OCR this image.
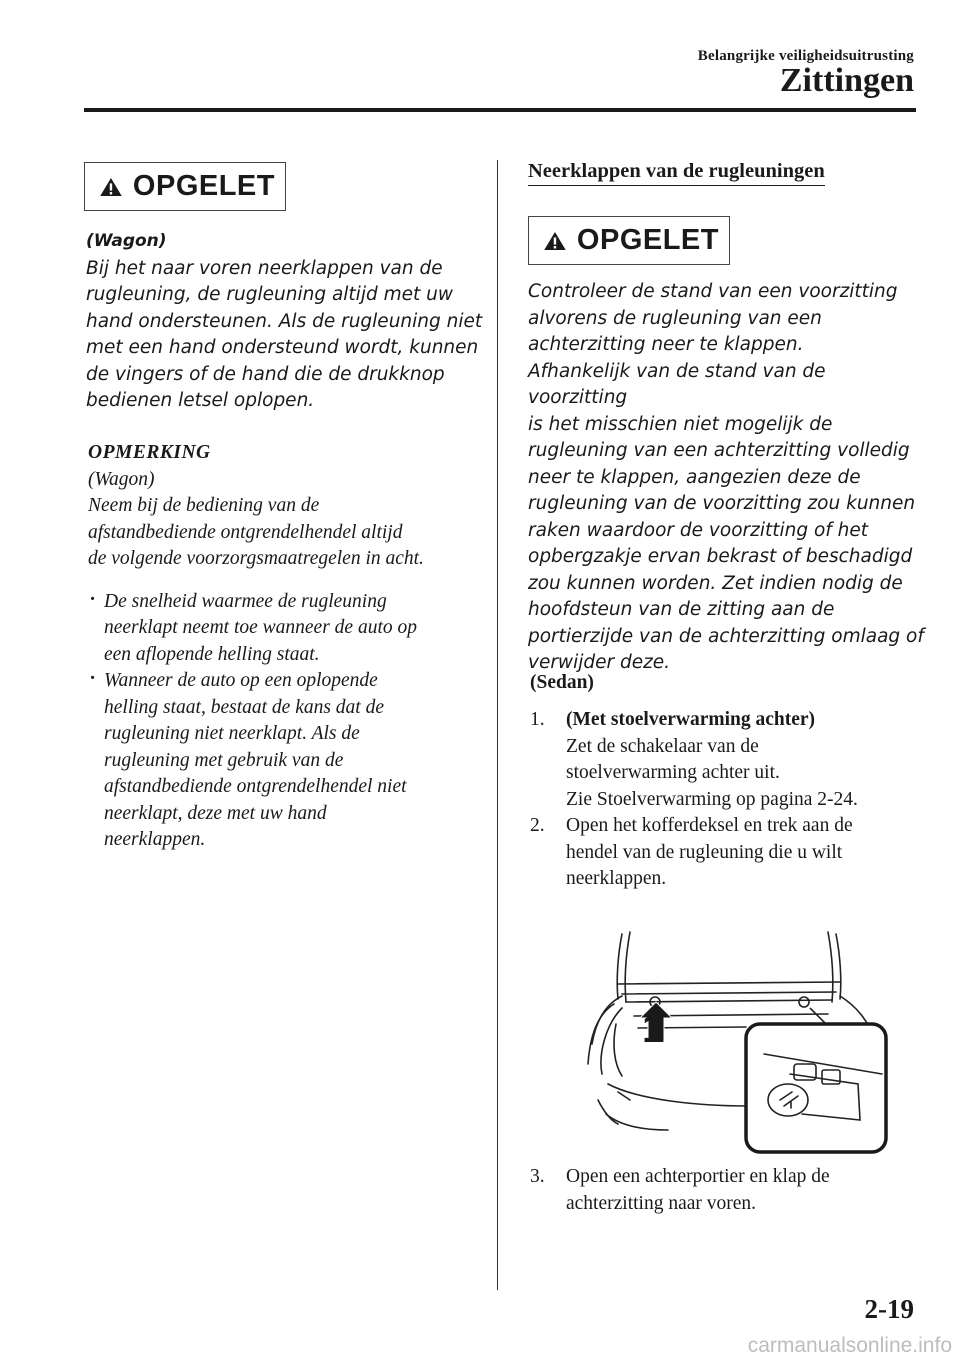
Belangrijke veiligheidsuitrusting
Zittingen
OPGELET
(Wagon)
Bij het naar voren neerklappen van de
rugleuning, de rugleuning altijd met uw
hand ondersteunen. Als de rugleuning niet
met een hand ondersteund wordt, kunnen
de vingers of de hand die de drukknop
bedienen letsel oplopen.
OPMERKING
(Wagon)
Neem bij de bediening van de
afstandbediende ontgrendelhendel altijd
de volgende voorzorgsmaatregelen in acht.
· De snelheid waarmee de rugleuning
neerklapt neemt toe wanneer de auto op
een aflopende helling staat.
· Wanneer de auto op een oplopende
helling staat, bestaat de kans dat de
rugleuning niet neerklapt. Als de
rugleuning met gebruik van de
afstandbediende ontgrendelhendel niet
neerklapt, deze met uw hand
neerklappen.
Neerklappen van de rugleuningen
OPGELET
Controleer de stand van een voorzitting
alvorens de rugleuning van een
achterzitting neer te klappen.
Afhankelijk van de stand van de voorzitting
is het misschien niet mogelijk de
rugleuning van een achterzitting volledig
neer te klappen, aangezien deze de
rugleuning van de voorzitting zou kunnen
raken waardoor de voorzitting of het
opbergzakje ervan bekrast of beschadigd
zou kunnen worden. Zet indien nodig de
hoofdsteun van de zitting aan de
portierzijde van de achterzitting omlaag of
verwijder deze.
(Sedan)
1. (Met stoelverwarming achter)
Zet de schakelaar van de
stoelverwarming achter uit.
Zie Stoelverwarming op pagina 2-24.
2. Open het kofferdeksel en trek aan de
hendel van de rugleuning die u wilt
neerklappen.
1
3. Open een achterportier en klap de
achterzitting naar voren.
2-19
carmanualsonline.info
